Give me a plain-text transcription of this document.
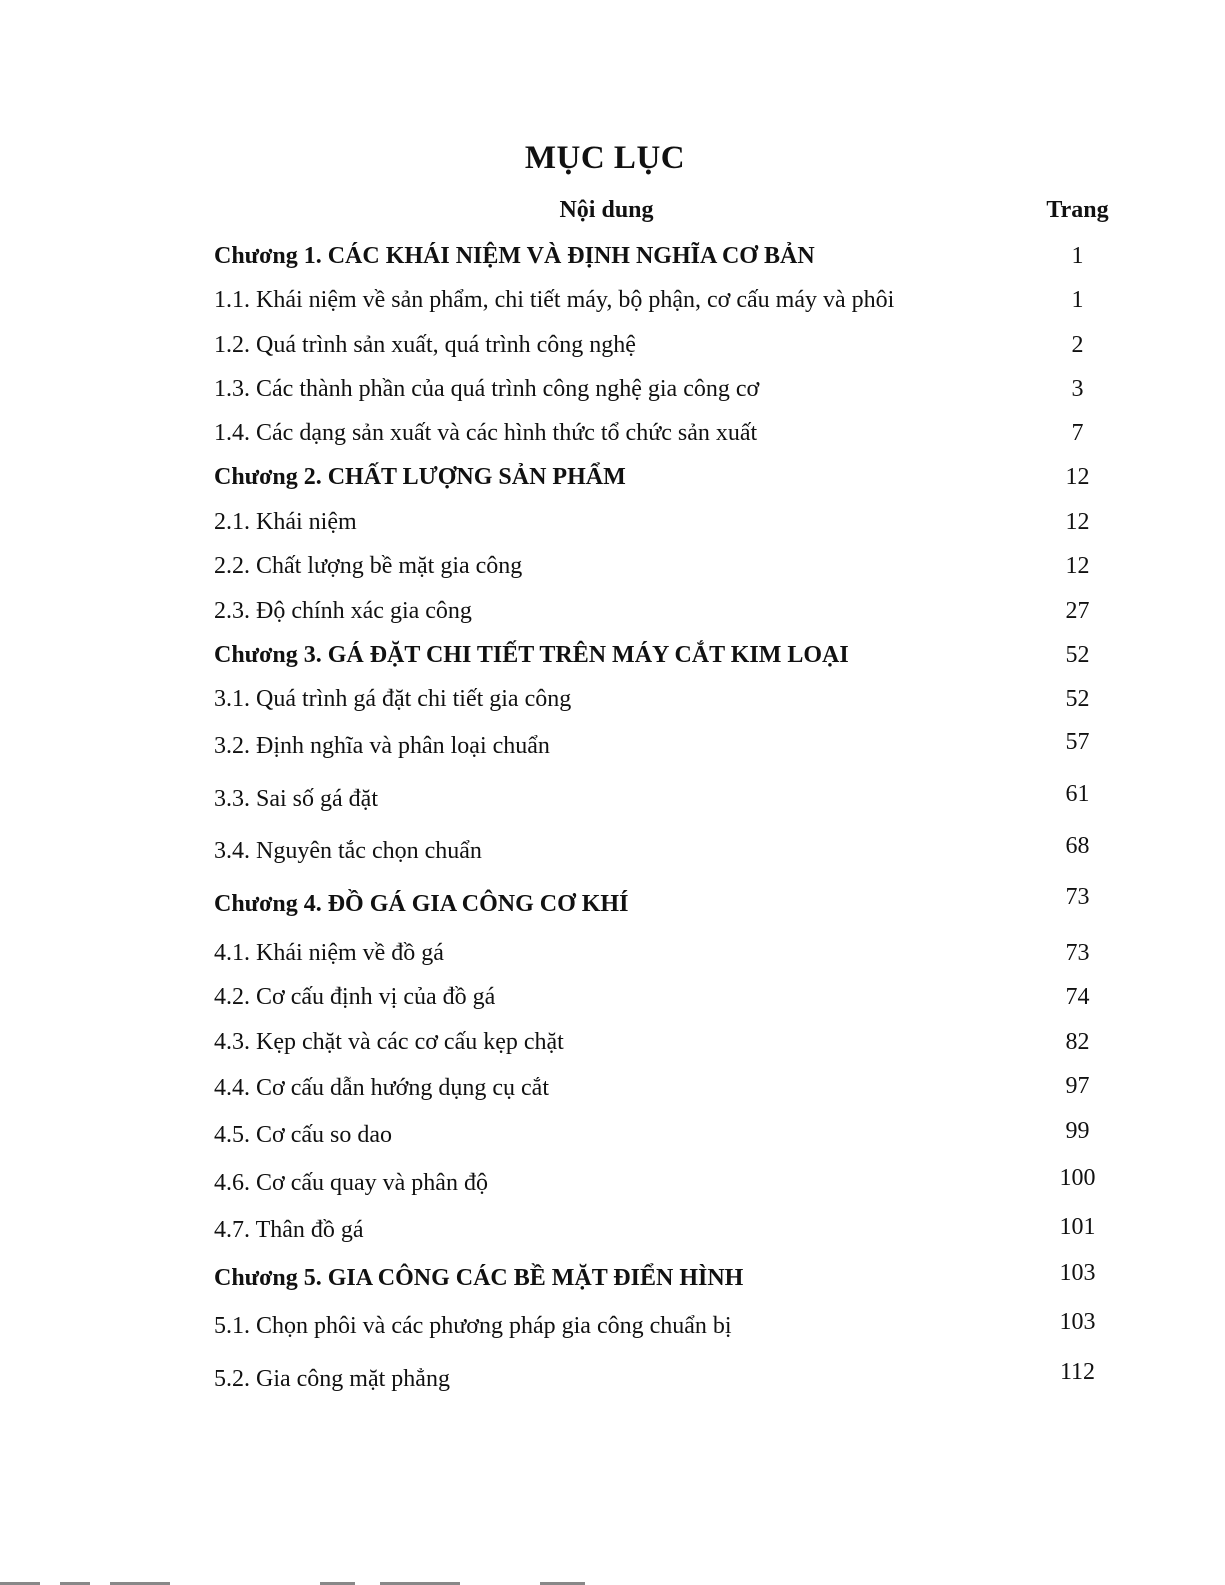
MỤC LỤC
Nội dung	Trang
Chương 1. CÁC KHÁI NIỆM VÀ ĐỊNH NGHĨA CƠ BẢN	1
1.1. Khái niệm về sản phẩm, chi tiết máy, bộ phận, cơ cấu máy và phôi	1
1.2. Quá trình sản xuất, quá trình công nghệ	2
1.3. Các thành phần của quá trình công nghệ gia công cơ	3
1.4. Các dạng sản xuất và các hình thức tổ chức sản xuất	7
Chương 2. CHẤT LƯỢNG SẢN PHẨM	12
2.1. Khái niệm	12
2.2. Chất lượng bề mặt gia công	12
2.3. Độ chính xác gia công	27
Chương 3. GÁ ĐẶT CHI TIẾT TRÊN MÁY CẮT KIM LOẠI	52
3.1. Quá trình gá đặt chi tiết gia công	52
3.2. Định nghĩa và phân loại chuẩn	57
3.3. Sai số gá đặt	61
3.4. Nguyên tắc chọn chuẩn	68
Chương 4. ĐỒ GÁ GIA CÔNG CƠ KHÍ	73
4.1. Khái niệm về đồ gá	73
4.2. Cơ cấu định vị của đồ gá	74
4.3. Kẹp chặt và các cơ cấu kẹp chặt	82
4.4. Cơ cấu dẫn hướng dụng cụ cắt	97
4.5. Cơ cấu so dao	99
4.6. Cơ cấu quay và phân độ	100
4.7. Thân đồ gá	101
Chương 5. GIA CÔNG CÁC BỀ MẶT ĐIỂN HÌNH	103
5.1. Chọn phôi và các phương pháp gia công chuẩn bị	103
5.2. Gia công mặt phẳng	112
